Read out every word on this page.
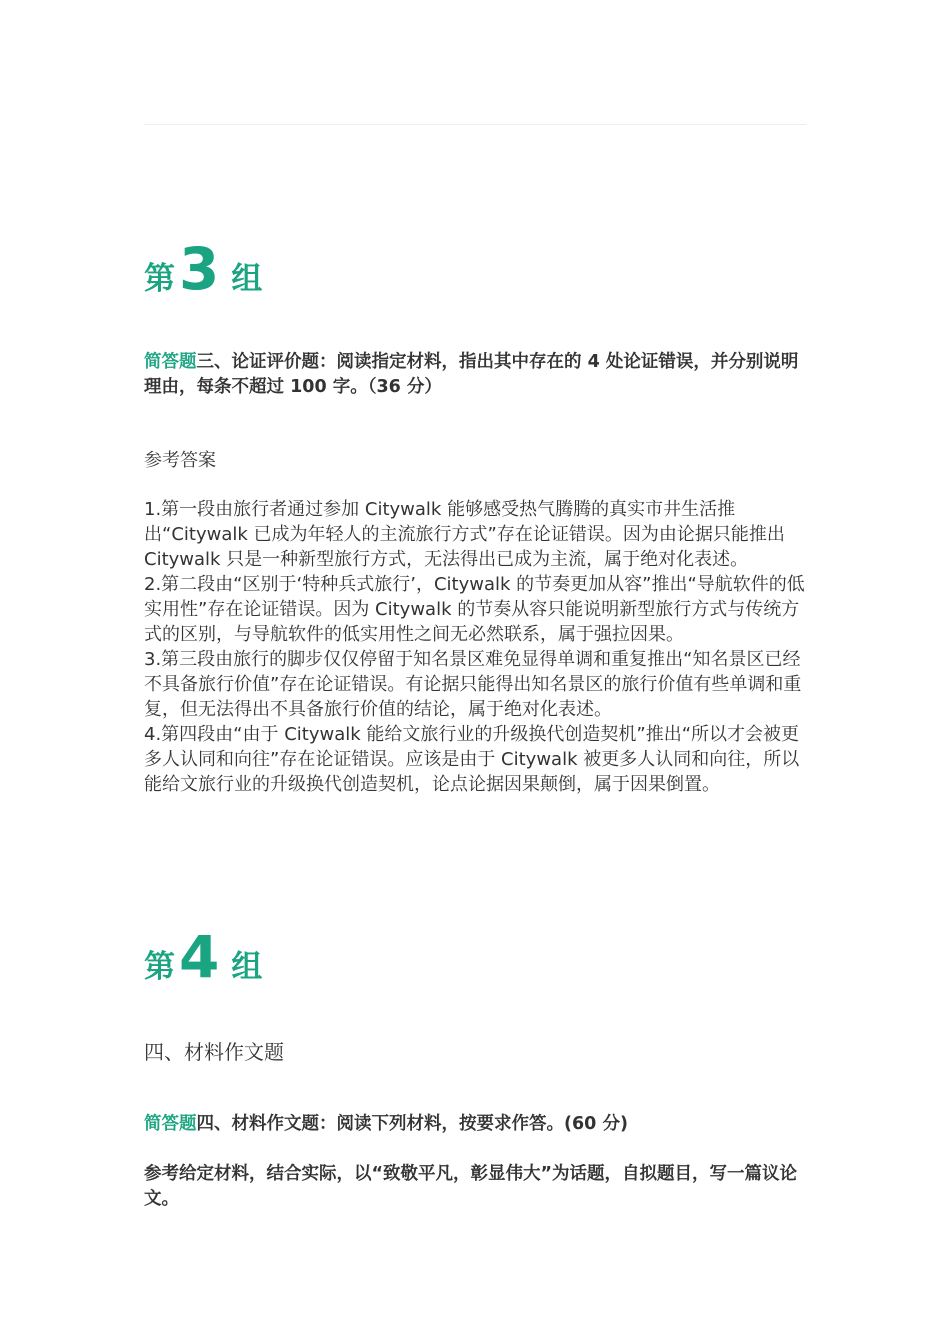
第3 组

简答题三、论证评价题：阅读指定材料，指出其中存在的 4 处论证错误，并分别说明理由，每条不超过 100 字。（36 分）

参考答案

1.第一段由旅行者通过参加 Citywalk 能够感受热气腾腾的真实市井生活推出“Citywalk 已成为年轻人的主流旅行方式”存在论证错误。因为由论据只能推出 Citywalk 只是一种新型旅行方式，无法得出已成为主流，属于绝对化表述。
2.第二段由“区别于‘特种兵式旅行’，Citywalk 的节奏更加从容”推出“导航软件的低实用性”存在论证错误。因为 Citywalk 的节奏从容只能说明新型旅行方式与传统方式的区别，与导航软件的低实用性之间无必然联系，属于强拉因果。
3.第三段由旅行的脚步仅仅停留于知名景区难免显得单调和重复推出“知名景区已经不具备旅行价值”存在论证错误。有论据只能得出知名景区的旅行价值有些单调和重复，但无法得出不具备旅行价值的结论，属于绝对化表述。
4.第四段由“由于 Citywalk 能给文旅行业的升级换代创造契机”推出“所以才会被更多人认同和向往”存在论证错误。应该是由于 Citywalk 被更多人认同和向往，所以能给文旅行业的升级换代创造契机，论点论据因果颠倒，属于因果倒置。
第4 组

四、材料作文题

简答题四、材料作文题：阅读下列材料，按要求作答。(60 分)

参考给定材料，结合实际，以“致敬平凡，彰显伟大”为话题，自拟题目，写一篇议论文。
